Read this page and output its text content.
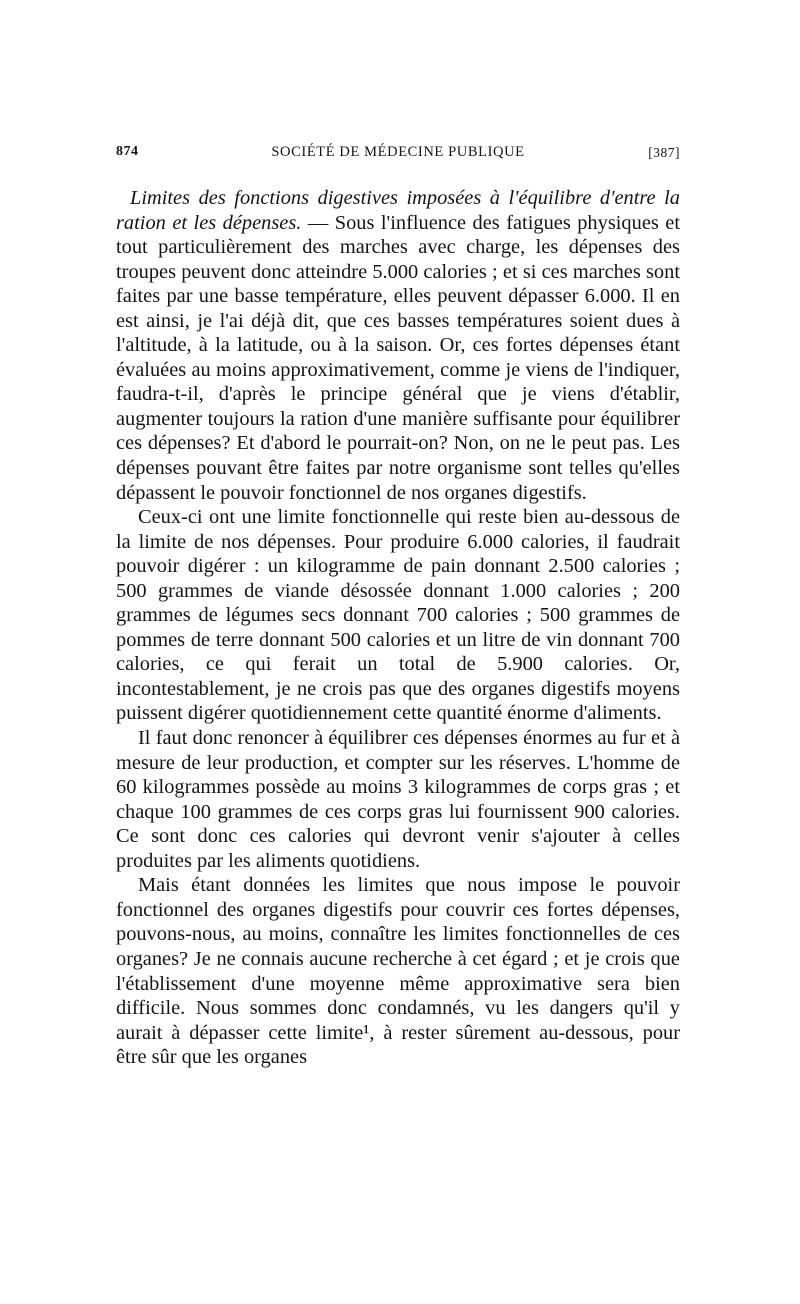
874	SOCIÉTÉ DE MÉDECINE PUBLIQUE	[387]

Limites des fonctions digestives imposées à l'équilibre d'entre la ration et les dépenses. — Sous l'influence des fatigues physiques et tout particulièrement des marches avec charge, les dépenses des troupes peuvent donc atteindre 5.000 calories ; et si ces marches sont faites par une basse température, elles peuvent dépasser 6.000. Il en est ainsi, je l'ai déjà dit, que ces basses températures soient dues à l'altitude, à la latitude, ou à la saison. Or, ces fortes dépenses étant évaluées au moins approximativement, comme je viens de l'indiquer, faudra-t-il, d'après le principe général que je viens d'établir, augmenter toujours la ration d'une manière suffisante pour équilibrer ces dépenses? Et d'abord le pourrait-on? Non, on ne le peut pas. Les dépenses pouvant être faites par notre organisme sont telles qu'elles dépassent le pouvoir fonctionnel de nos organes digestifs.

Ceux-ci ont une limite fonctionnelle qui reste bien au-dessous de la limite de nos dépenses. Pour produire 6.000 calories, il faudrait pouvoir digérer : un kilogramme de pain donnant 2.500 calories ; 500 grammes de viande désossée donnant 1.000 calories ; 200 grammes de légumes secs donnant 700 calories ; 500 grammes de pommes de terre donnant 500 calories et un litre de vin donnant 700 calories, ce qui ferait un total de 5.900 calories. Or, incontestablement, je ne crois pas que des organes digestifs moyens puissent digérer quotidiennement cette quantité énorme d'aliments.

Il faut donc renoncer à équilibrer ces dépenses énormes au fur et à mesure de leur production, et compter sur les réserves. L'homme de 60 kilogrammes possède au moins 3 kilogrammes de corps gras ; et chaque 100 grammes de ces corps gras lui fournissent 900 calories. Ce sont donc ces calories qui devront venir s'ajouter à celles produites par les aliments quotidiens.

Mais étant données les limites que nous impose le pouvoir fonctionnel des organes digestifs pour couvrir ces fortes dépenses, pouvons-nous, au moins, connaître les limites fonctionnelles de ces organes? Je ne connais aucune recherche à cet égard ; et je crois que l'établissement d'une moyenne même approximative sera bien difficile. Nous sommes donc condamnés, vu les dangers qu'il y aurait à dépasser cette limite¹, à rester sûrement au-dessous, pour être sûr que les organes
